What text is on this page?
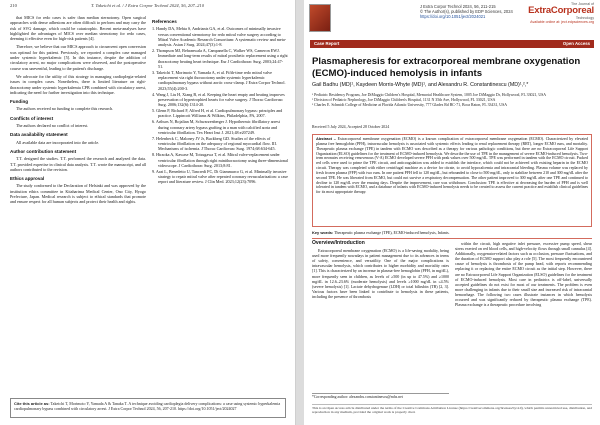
210	T. Takeichi et al. / J Extra Corpor Technol 2024, 56, 207–210

that MICS for redo cases is safer than median sternotomy. Open surgical approaches with dense adhesions are often difficult to perform and may carry the risk of SVG damage, which could be catastrophic. Recent meta-analyses have highlighted the advantages of MICS over median sternotomy for redo cases, deeming it effective even for high-risk patients [4].

Therefore, we believe that our MICS approach to circumvent open conversion was optimal for this patient. Previously, we reported a complex case managed under systemic hyperkalemic [5]. In this instance, despite the addition of circulatory arrest, no major complications were observed, and the postoperative course was uneventful, leading to the patient's discharge.

We advocate for the utility of this strategy in managing cardioplegia-related issues in complex cases. Nonetheless, there is limited literature on right-thoracotomy under systemic hyperkalemia CPB combined with circulatory arrest, indicating the need for further investigation into this technique.

Funding

The authors received no funding to complete this research.

Conflicts of interest

The authors declared no conflict of interest.

Data availability statement

All available data are incorporated into the article.

Author contribution statement

T.T. designed the studies. T.T. performed the research and analyzed the data. T.T. provided expertise in clinical data analysis. T.T. wrote the manuscript, and all authors contributed to the revision.

Ethics approval

The study conformed to the Declaration of Helsinki and was approved by the institution ethics committee in Kitaharima Medical Center, Ono City, Hyogo Prefecture, Japan. Medical research is subject to ethical standards that promote and ensure respect for all human subjects and protect their health and rights.

References
1. Handy DA, Mehta S, Andrianis GA, et al. Outcomes of minimally invasive versus conventional sternotomy for redo mitral valve surgery according to Mitral Valve Academic Research Consortium: A systematic review and meta-analysis. Asian J Surg. 2024;47(3):1-8.
2. Thompson MJ, Behranwala A, Campanella C, Walker WS, Cameron EWJ. Immediate and long-term results of mitral prosthetic replacement using a right thoracotomy beating heart technique. Eur J Cardiothorac Surg. 2003;24:47-51.
3. Takeichi T, Morimoto Y, Yamada A, et al. Fifth-time redo mitral valve replacement via right thoracotomy under systemic hyperkalemic cardiopulmonary bypass without aortic cross-clamp. J Extra Corpor Technol. 2023;55(4):200-3.
4. Wang J, Liu H, Xiang B, et al. Keeping the heart empty and beating improves preservation of hypertrophied hearts for valve surgery. J Thorac Cardiovasc Surg. 2006;132(6):1314-20.
5. Glenn P, Richard F, Alfred H, et al. Cardiopulmonary bypass: principles and practice. Lippincott Williams & Wilkins, Philadelphia, PA, 2007.
6. Arthurs N, Bojalian M, Schwarzenberger J. Hypothermic fibrillatory arrest during coronary artery bypass grafting in a man with calcified aorta and ventricular fibrillation. Tex Heart Inst J. 2021;48:e207249.
7. Helenbeck C, Maloney JV Jr, Buckberg GD. Studies of the effects of ventricular fibrillation on the adequacy of regional myocardial flow. III. Mechanisms of ischemia. J Thorac Cardiovasc Surg. 1974;68:634-645.
8. Hiraoka A, Kawase M, Totsugawa T, et al. Mitral valve-replacement under ventricular fibrillation through right minithoracotomy using three-dimensional videoscope. J Cardiothorac Surg. 2013;8:81.
9. Arai L, Benedetto U, Tancredi FC, Di Giammarco G, et al. Minimally invasive strategy to repair mitral valve after repeated coronary revascularization: a case report and literature review. J Clin Med. 2023;12(23):7096.
Cite this article as: Takeichi T, Morimoto Y, Yamada A & Tanaka T. A technique avoiding cardioplegia delivery complications: a case using systemic hyperkalemia cardiopulmonary bypass combined with circulatory arrest. J Extra Corpor Technol 2024, 56, 207-210. https://doi.org/10.1051/ject/2024027
J Extra Corpor Technol 2024, 56, 211-215
© The Author(s), published by EDP Sciences, 2024
https://doi.org/10.1051/ject/2024021
The Journal of
ExtraCorporeal
Technology
Available online at: ject.edpsciences.org
Case Report	Open Access
Plasmapheresis for extracorporeal membrane oxygenation (ECMO)-induced hemolysis in infants
Gail Badhu (MD)¹, Kaydeen Morris-Whyte (MD)¹, and Alexandru R. Constantinescu (MD)¹,²,*
¹ Pediatric Residency Program, Joe DiMaggio Children's Hospital, Memorial Healthcare System, 1005 Joe DiMaggio Dr, Hollywood, FL 33021, USA
² Division of Pediatric Nephrology, Joe DiMaggio Children's Hospital, 1131 N 35th Ave, Hollywood, FL 33021, USA
³ Charles E. Schmidt College of Medicine at Florida Atlantic University, 777 Glades Rd BC-71, Boca Raton, FL 33431, USA
Received 5 July 2024, Accepted 28 October 2024
Abstract – Extracorporeal membrane oxygenation (ECMO) is a known complication of extracorporeal membrane oxygenation (ECMO). Characterized by elevated plasma free hemoglobin (PFH), intravascular hemolysis is associated with systemic effects leading to renal replacement therapy (RRT), longer ECMO runs, and mortality. Therapeutic plasma exchange (TPE) in tandem with ECMO was described as a therapy for various pathologic conditions, but there are no Extracorporeal Life Support Organization (ELSO) guidelines for the treatment of ECMO-induced hemolysis. We describe the use of TPE in the management of severe ECMO-induced hemolysis. Two-term neonates receiving venovenous (V-A) ECMO developed severe PFH with peak values over 500 mg/dL. TPE was performed in tandem with the ECMO circuit. Packed red cells were used to prime the TPE circuit, and anticoagulation was added to establish the interface, which could not be achieved with existing heparin in the ECMO circuit. Therapy was completed with either centrifugal machine as a device for citrate, to avoid hypocalcemia and intracranial bleeding. Plasma volume was replaced by fresh frozen plasma (FFP) with two runs. In one patient PFH fell to 120 mg/dL, but rebounded to close to 500 mg/dL, only to stabilize between 210 and 300 mg/dL after the second TPE. He was liberated from ECMO, but could not survive a respiratory decompensation. The other patient improved to 300 mg/dL after one TPE and continued to decline to 120 mg/dL over the ensuing days. Despite the improvement, care was withdrawn. Conclusion: TPE is effective at decreasing the burden of PFH and is well tolerated in tandem with ECMO, and a database of infants with ECMO-induced hemolysis needs to be created to assess the current practice and establish clinical guidelines for its most appropriate therapy.
Key words: Therapeutic plasma exchange (TPE), ECMO-induced hemolysis, Infants.
Overview/Introduction

Extracorporeal membrane oxygenation (ECMO) is a life-saving modality, being used more frequently nowadays in patient management due to its advances in terms of safety, convenience, and versatility. One of the major complications is intravascular hemolysis, which contributes to higher morbidity and mortality rates [1]. This is characterized by an increase in plasma-free hemoglobin (PFH, in mg/dL), more frequently seen in children, as levels of ≥500 (in up to 47.5%) and ≥1000 mg/dL in 12.6–23.6% (moderate hemolysis) and levels ≥1000 mg/dL in ≤4.5% (severe hemolysis) [1]. Lactate dehydrogenase (LDH) or total bilirubin (TB) [2, 3]. Various factors have been linked to contribute to hemolysis in these patients, including the presence of thrombosis

within the circuit, high negative inlet pressure, excessive pump speed, shear stress exerted on red blood cells, and high-velocity flows through small cannulas [4]. Additionally, oxygenator-related factors such as occlusion, pressure fluctuations, and the duration of ECMO support also play a role [5]. The most frequently encountered cause of hemolysis is thrombosis of the pump head, with reports recommending replacing it or replacing the entire ECMO circuit as the initial step. However, there are no Extracorporeal Life Support Organization (ELSO) guidelines for the treatment of ECMO-induced hemolysis. Most care in pediatrics is off-label, universally accepted guidelines do not exist for most of our treatments. The problem is even more challenging in infants due to their small size and increased risk of intracranial hemorrhage. The following two cases illustrate instances in which hemolysis occurred and was significantly reduced by therapeutic plasma exchange (TPE). Plasma exchange is a therapeutic procedure involving

*Corresponding author: alexandru.constantinescu@mhs.net
This is an Open Access article distributed under the terms of the Creative Commons Attribution License (https://creativecommons.org/licenses/by/4.0), which permits unrestricted use, distribution, and reproduction in any medium, provided the original work is properly cited.
